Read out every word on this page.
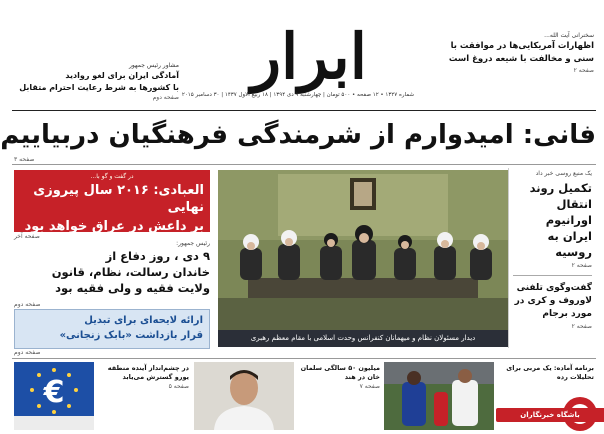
سخنرانی آیت الله...
اظهارات آمریکایی‌ها در موافقت با
سنی و مخالفت با شیعه دروغ است
صفحه ۲
ابرار
شماره ۱۳۲۷ • ۱۲ صفحه • ۵۰۰ تومان | چهارشنبه ۹ دی ۱۳۹۴ | ۱۸ ربیع الاول ۱۴۳۷ | ۳۰ دسامبر ۲۰۱۵
مشاور رئیس جمهور
آمادگی ایران برای لغو روادید
با کشورها به شرط رعایت احترام متقابل
صفحه دوم
فانی: امیدوارم از شرمندگی فرهنگیان دربیاییم
صفحه ۳
یک منبع روسی خبر داد
تکمیل روند انتقال اورانیوم ایران به روسیه
صفحه ۲
گفت‌وگوی تلفنی لاوروف و کری در مورد برجام
صفحه ۲
دیدار مسئولان نظام و میهمانان کنفرانس وحدت اسلامی با مقام معظم رهبری
در گفت و گو با...
العبادی: ۲۰۱۶ سال پیروزی نهایی
بر داعش در عراق خواهد بود
صفحه آخر
رئیس جمهور:
۹ دی ، روز دفاع از
خاندان رسالت، نظام، قانون
ولایت فقیه و ولی فقیه بود
صفحه دوم
ارائه لایحه‌ای برای تبدیل
قرار بازداشت «بابک زنجانی»
صفحه دوم
€
در چشم‌انداز آینده منطقه یورو گسترش می‌یابد
صفحه ۵
میلیون ۵۰ سالگی سلمان خان در هند
صفحه ۷
برنامه آماده: یک مربی برای تحلیلات رده
باشگاه خبرنگاران
